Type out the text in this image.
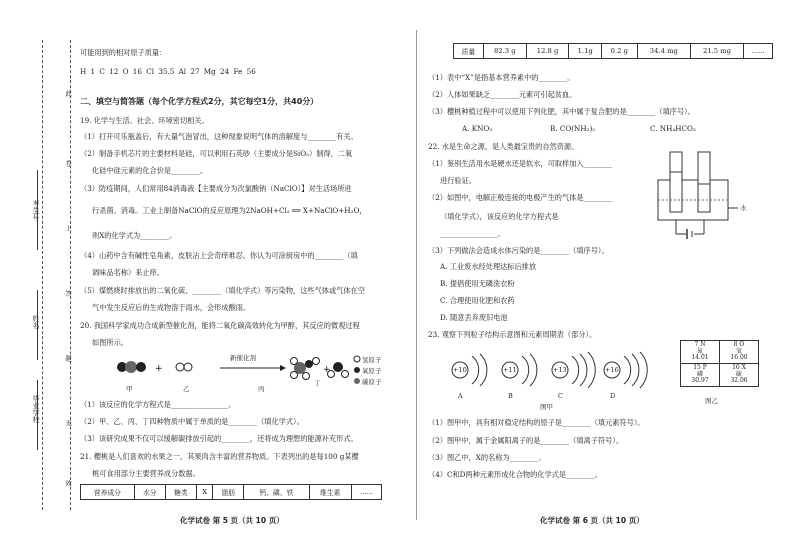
考生号
姓名
毕业学校
此
卷
上
答
题
无
效
可能用到的相对原子质量：
H 1 C 12 O 16 Cl 35.5 Al 27 Mg 24 Fe 56
二、填空与简答题（每个化学方程式2分，其它每空1分，共40分）
19. 化学与生活、社会、环境密切相关。
（1）打开可乐瓶盖后，有大量气泡冒出，这种现象说明气体的溶解度与________有关。
（2）制备手机芯片的主要材料是硅，可以利用石英砂（主要成分是SiO₂）制得，二氧
化硅中硅元素的化合价是________。
（3）防疫期间，人们常用84消毒液【主要成分为次氯酸钠（NaClO）】对生活场所进
行杀菌、消毒。工业上制备NaClO的反应原理为2NaOH+Cl₂ ══ X+NaClO+H₂O，
则X的化学式为________。
（4）山药中含有碱性皂角素，皮肤沾上会奇痒难忍。你认为可涂厨房中的________（填
调味品名称）来止痒。
（5）煤燃烧时排放出的二氧化硫、________（填化学式）等污染物，这些气体或气体在空
气中发生反应后的生成物溶于雨水，会形成酸雨。
20. 我国科学家成功合成新型催化剂，能将二氧化碳高效转化为甲醇，其反应的微观过程
如图所示。
+	+
新催化剂
甲	乙	丙
丁
氢原子
氧原子
碳原子
（1）该反应的化学方程式是________________。
（2）甲、乙、丙、丁四种物质中属于单质的是________（填化学式）。
（3）该研究成果不仅可以缓解碳排放引起的________，还将成为理想的能源补充形式。
21. 樱桃是人们喜欢的水果之一，其果肉含丰富的营养物质。下表列出的是每100 g某樱
桃可食用部分主要营养成分数据。
营养成分	水分	糖类	X	脂肪	钙、磷、铁	维生素	......
化学试卷 第 5 页（共 10 页）
质量	82.3 g	12.8 g	1.1g	0.2 g	34.4 mg	21.5 mg	......
（1）表中“X”是指基本营养素中的________。
（2）人体如果缺乏________元素可引起贫血。
（3）樱桃种植过程中可以使用下列化肥，其中属于复合肥的是________（填序号）。
A. KNO₃	B. CO(NH₂)₂	C. NH₄HCO₃
22. 水是生命之源，是人类最宝贵的自然资源。
（1）鉴别生活用水是硬水还是软水，可取样加入________
进行验证。
（2）如图中，电解正极连接的电极产生的气体是________
（填化学式），该反应的化学方程式是
________________。
（3）下列做法会造成水体污染的是________（填序号）。
A. 工业废水经处理达标后排放
B. 提倡使用无磷洗衣粉
C. 合理使用化肥和农药
D. 随意丢弃废旧电池
水
23. 观察下列粒子结构示意图和元素周期表（部分）。
+10	+11	+13	+16
A	B	C	D
图甲
7 N
氮
14.01	8 O
氧
16.00
15 P
磷
30.97	16 X
硫
32.06
图乙
（1）图甲中，具有相对稳定结构的原子是________（填元素符号）。
（2）图甲中，属于金属阳离子的是________（填离子符号）。
（3）图乙中，X的名称为________。
（4）C和D两种元素形成化合物的化学式是________。
化学试卷 第 6 页（共 10 页）
